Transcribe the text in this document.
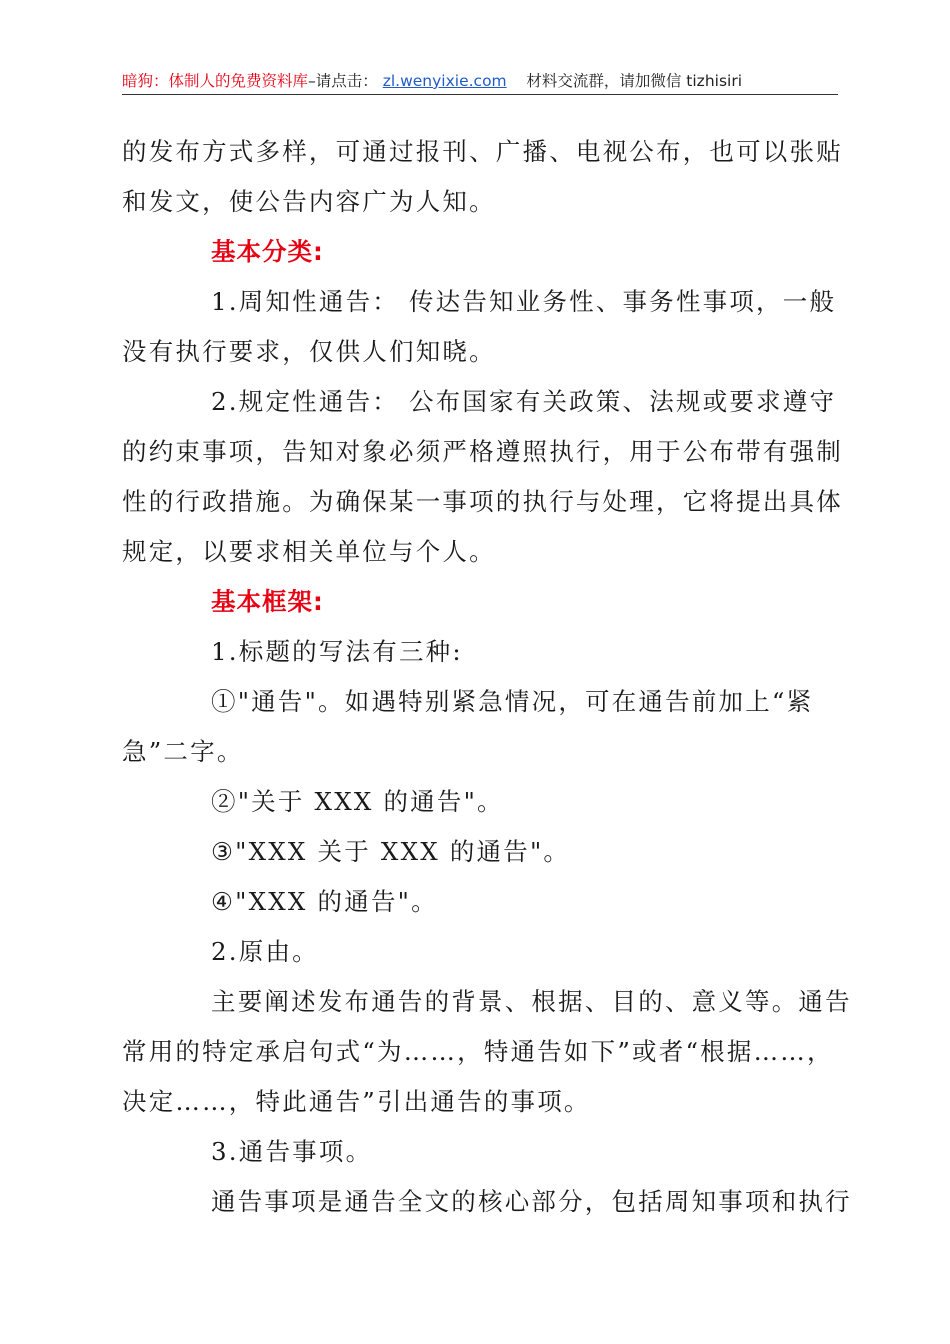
暗狗：体制人的免费资料库–请点击： zl.wenyixie.com 材料交流群，请加微信 tizhisiri
的发布方式多样，可通过报刊、广播、电视公布，也可以张贴
和发文，使公告内容广为人知。
基本分类:
1.周知性通告： 传达告知业务性、事务性事项，一般
没有执行要求，仅供人们知晓。
2.规定性通告： 公布国家有关政策、法规或要求遵守
的约束事项，告知对象必须严格遵照执行，用于公布带有强制
性的行政措施。为确保某一事项的执行与处理，它将提出具体
规定，以要求相关单位与个人。
基本框架:
1.标题的写法有三种:
①"通告"。如遇特别紧急情况，可在通告前加上“紧
急”二字。
②"关于 XXX 的通告"。
③"XXX 关于 XXX 的通告"。
④"XXX 的通告"。
2.原由。
主要阐述发布通告的背景、根据、目的、意义等。通告
常用的特定承启句式“为……，特通告如下”或者“根据……，
决定……，特此通告”引出通告的事项。
3.通告事项。
通告事项是通告全文的核心部分，包括周知事项和执行
